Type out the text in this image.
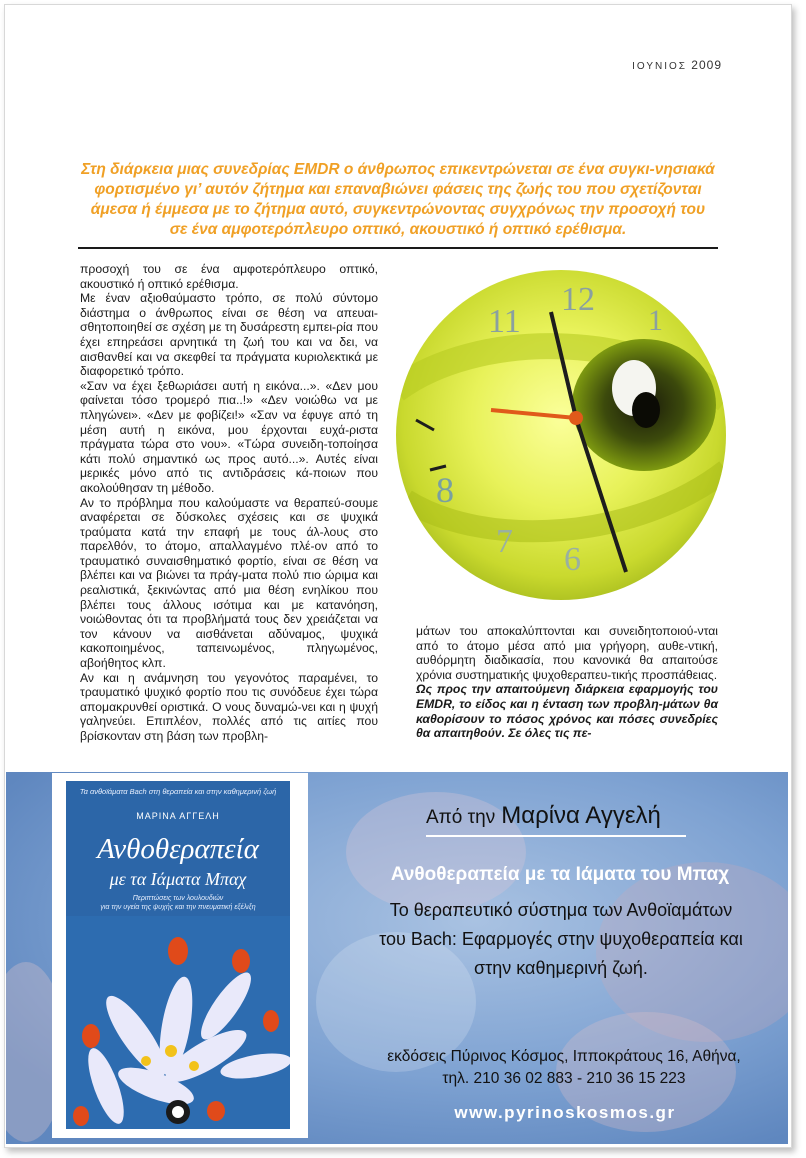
ΙΟΥΝΙΟΣ 2009
Στη διάρκεια μιας συνεδρίας EMDR ο άνθρωπος επικεντρώνεται σε ένα συγκι-νησιακά φορτισμένο γι’ αυτόν ζήτημα και επαναβιώνει φάσεις της ζωής του που σχετίζονται άμεσα ή έμμεσα με το ζήτημα αυτό, συγκεντρώνοντας συγχρόνως την προσοχή του σε ένα αμφοτερόπλευρο οπτικό, ακουστικό ή οπτικό ερέθισμα.

προσοχή του σε ένα αμφοτερόπλευρο οπτικό, ακουστικό ή οπτικό ερέθισμα.

Με έναν αξιοθαύμαστο τρόπο, σε πολύ σύντομο διάστημα ο άνθρωπος είναι σε θέση να απευαι-σθητοποιηθεί σε σχέση με τη δυσάρεστη εμπει-ρία που έχει επηρεάσει αρνητικά τη ζωή του και να δει, να αισθανθεί και να σκεφθεί τα πράγματα κυριολεκτικά με διαφορετικό τρόπο.

«Σαν να έχει ξεθωριάσει αυτή η εικόνα...». «Δεν μου φαίνεται τόσο τρομερό πια..!» «Δεν νοιώθω να με πληγώνει». «Δεν με φοβίζει!» «Σαν να έφυγε από τη μέση αυτή η εικόνα, μου έρχονται ευχά-ριστα πράγματα τώρα στο νου». «Τώρα συνειδη-τοποίησα κάτι πολύ σημαντικό ως προς αυτό...». Αυτές είναι μερικές μόνο από τις αντιδράσεις κά-ποιων που ακολούθησαν τη μέθοδο.

Αν το πρόβλημα που καλούμαστε να θεραπεύ-σουμε αναφέρεται σε δύσκολες σχέσεις και σε ψυχικά τραύματα κατά την επαφή με τους άλ-λους στο παρελθόν, το άτομο, απαλλαγμένο πλέ-ον από το τραυματικό συναισθηματικό φορτίο, είναι σε θέση να βλέπει και να βιώνει τα πράγ-ματα πολύ πιο ώριμα και ρεαλιστικά, ξεκινώντας από μια θέση ενηλίκου που βλέπει τους άλλους ισότιμα και με κατανόηση, νοιώθοντας ότι τα προβλήματά τους δεν χρειάζεται να τον κάνουν να αισθάνεται αδύναμος, ψυχικά κακοποιημένος, ταπεινωμένος, πληγωμένος, αβοήθητος κλπ.

Αν και η ανάμνηση του γεγονότος παραμένει, το τραυματικό ψυχικό φορτίο που τις συνόδευε έχει τώρα απομακρυνθεί οριστικά. Ο νους δυναμώ-νει και η ψυχή γαληνεύει. Επιπλέον, πολλές από τις αιτίες που βρίσκονταν στη βάση των προβλη-

11
12
1
8
7 6

μάτων του αποκαλύπτονται και συνειδητοποιού-νται από το άτομο μέσα από μια γρήγορη, αυθε-ντική, αυθόρμητη διαδικασία, που κανονικά θα απαιτούσε χρόνια συστηματικής ψυχοθεραπευ-τικής προσπάθειας.

Ως προς την απαιτούμενη διάρκεια εφαρμογής του EMDR, το είδος και η ένταση των προβλη-μάτων θα καθορίσουν το πόσος χρόνος και πόσες συνεδρίες θα απαιτηθούν. Σε όλες τις πε-

Τα ανθοϊάματα Bach στη θεραπεία και στην καθημερινή ζωή
ΜΑΡΙΝΑ ΑΓΓΕΛΗ
Ανθοθεραπεία
με τα Ιάματα Μπαχ
Περιπτώσεις των λουλουδιών
για την υγεία της ψυχής και την πνευματική εξέλιξη
Από την Μαρίνα Αγγελή
Ανθοθεραπεία με τα Ιάματα του Μπαχ
Το θεραπευτικό σύστημα των Ανθοϊαμάτων
του Bach: Εφαρμογές στην ψυχοθεραπεία και
στην καθημερινή ζωή.
εκδόσεις Πύρινος Κόσμος, Ιπποκράτους 16, Αθήνα,
τηλ. 210 36 02 883 - 210 36 15 223
www.pyrinoskosmos.gr
